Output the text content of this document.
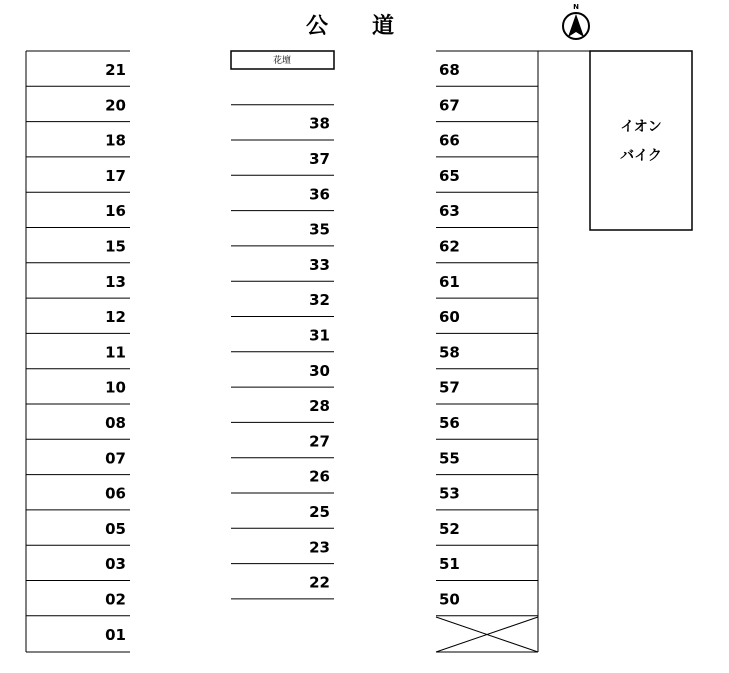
公　　道
N
21
20
18
17
16
15
13
12
11
10
08
07
06
05
03
02
01
花壇
38
37
36
35
33
32
31
30
28
27
26
25
23
22
68
67
66
65
63
62
61
60
58
57
56
55
53
52
51
50
イオン
バイク
